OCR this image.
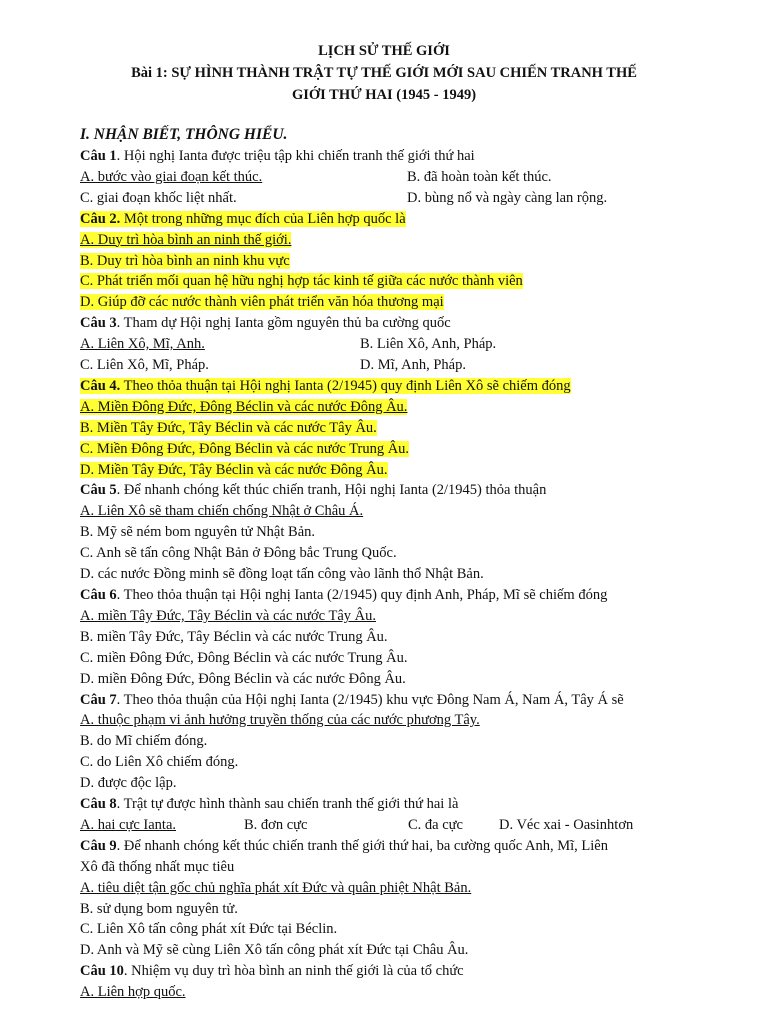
LỊCH SỬ THẾ GIỚI
Bài 1: SỰ HÌNH THÀNH TRẬT TỰ THẾ GIỚI MỚI SAU CHIẾN TRANH THẾ
GIỚI THỨ HAI (1945 - 1949)
I. NHẬN BIẾT, THÔNG HIỂU.
Câu 1. Hội nghị Ianta được triệu tập khi chiến tranh thế giới thứ hai
A. bước vào giai đoạn kết thúc.	B. đã hoàn toàn kết thúc.
C. giai đoạn khốc liệt nhất.	D. bùng nổ và ngày càng lan rộng.
Câu 2. Một trong những mục đích của Liên hợp quốc là
A. Duy trì hòa bình an ninh thế giới.
B. Duy trì hòa bình an ninh khu vực
C. Phát triển mối quan hệ hữu nghị hợp tác kinh tế giữa các nước thành viên
D. Giúp đỡ các nước thành viên phát triển văn hóa thương mại
Câu 3. Tham dự Hội nghị Ianta gồm nguyên thủ ba cường quốc
A. Liên Xô, Mĩ, Anh.	B. Liên Xô, Anh, Pháp.
C. Liên Xô, Mĩ, Pháp.	D. Mĩ, Anh, Pháp.
Câu 4. Theo thỏa thuận tại Hội nghị Ianta (2/1945) quy định Liên Xô sẽ chiếm đóng
A. Miền Đông Đức, Đông Béclin và các nước Đông Âu.
B. Miền Tây Đức, Tây Béclin và các nước Tây Âu.
C. Miền Đông Đức, Đông Béclin và các nước Trung Âu.
D. Miền Tây Đức, Tây Béclin và các nước Đông Âu.
Câu 5. Để nhanh chóng kết thúc chiến tranh, Hội nghị Ianta (2/1945) thỏa thuận
A. Liên Xô sẽ tham chiến chống Nhật ở Châu Á.
B. Mỹ sẽ ném bom nguyên tử Nhật Bản.
C. Anh sẽ tấn công Nhật Bản ở Đông bắc Trung Quốc.
D. các nước Đồng minh sẽ đồng loạt tấn công vào lãnh thổ Nhật Bản.
Câu 6. Theo thỏa thuận tại Hội nghị Ianta (2/1945) quy định Anh, Pháp, Mĩ sẽ chiếm đóng
A. miền Tây Đức, Tây Béclin và các nước Tây Âu.
B. miền Tây Đức, Tây Béclin và các nước Trung Âu.
C. miền Đông Đức, Đông Béclin và các nước Trung Âu.
D. miền Đông Đức, Đông Béclin và các nước Đông Âu.
Câu 7. Theo thỏa thuận của Hội nghị Ianta (2/1945) khu vực Đông Nam Á, Nam Á, Tây Á sẽ
A. thuộc phạm vi ảnh hưởng truyền thống của các nước phương Tây.
B. do Mĩ chiếm đóng.
C. do Liên Xô chiếm đóng.
D. được độc lập.
Câu 8. Trật tự được hình thành sau chiến tranh thế giới thứ hai là
A. hai cực Ianta.	B. đơn cực	C. đa cực D. Véc xai - Oasinhtơn
Câu 9. Để nhanh chóng kết thúc chiến tranh thế giới thứ hai, ba cường quốc Anh, Mĩ, Liên
Xô đã thống nhất mục tiêu
A. tiêu diệt tận gốc chủ nghĩa phát xít Đức và quân phiệt Nhật Bản.
B. sử dụng bom nguyên tử.
C. Liên Xô tấn công phát xít Đức tại Béclin.
D. Anh và Mỹ sẽ cùng Liên Xô tấn công phát xít Đức tại Châu Âu.
Câu 10. Nhiệm vụ duy trì hòa bình an ninh thế giới là của tổ chức
A. Liên hợp quốc.
